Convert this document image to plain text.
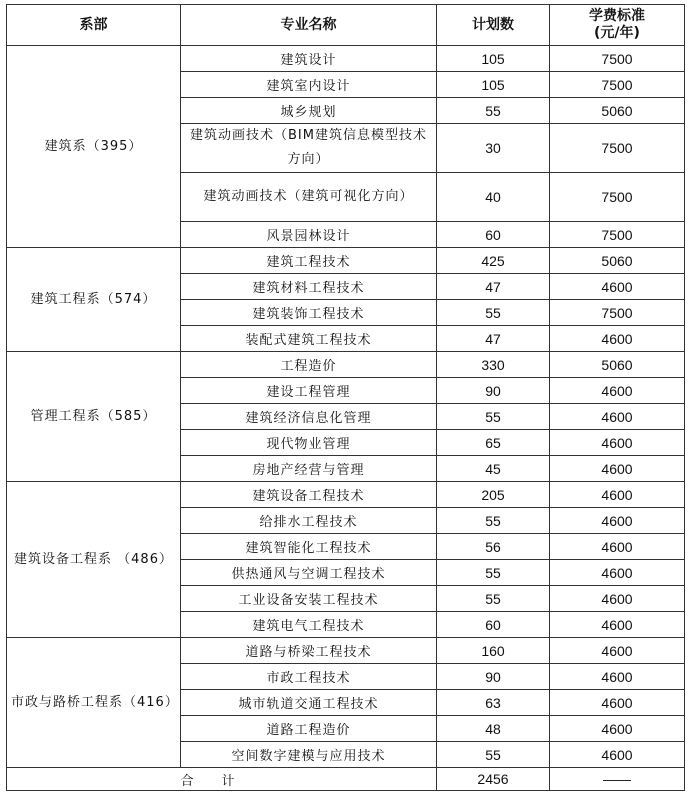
系部	专业名称	计划数	学费标准
(元/年)
建筑系（395）	建筑设计	105	7500
	建筑室内设计	105	7500
	城乡规划	55	5060
	建筑动画技术（BIM建筑信息模型技术方向）	30	7500
	建筑动画技术（建筑可视化方向）	40	7500
	风景园林设计	60	7500
建筑工程系（574）	建筑工程技术	425	5060
	建筑材料工程技术	47	4600
	建筑装饰工程技术	55	7500
	装配式建筑工程技术	47	4600
管理工程系（585）	工程造价	330	5060
	建设工程管理	90	4600
	建筑经济信息化管理	55	4600
	现代物业管理	65	4600
	房地产经营与管理	45	4600
建筑设备工程系 （486）	建筑设备工程技术	205	4600
	给排水工程技术	55	4600
	建筑智能化工程技术	56	4600
	供热通风与空调工程技术	55	4600
	工业设备安装工程技术	55	4600
	建筑电气工程技术	60	4600
市政与路桥工程系（416）	道路与桥梁工程技术	160	4600
	市政工程技术	90	4600
	城市轨道交通工程技术	63	4600
	道路工程造价	48	4600
	空间数字建模与应用技术	55	4600
合计		2456	——
